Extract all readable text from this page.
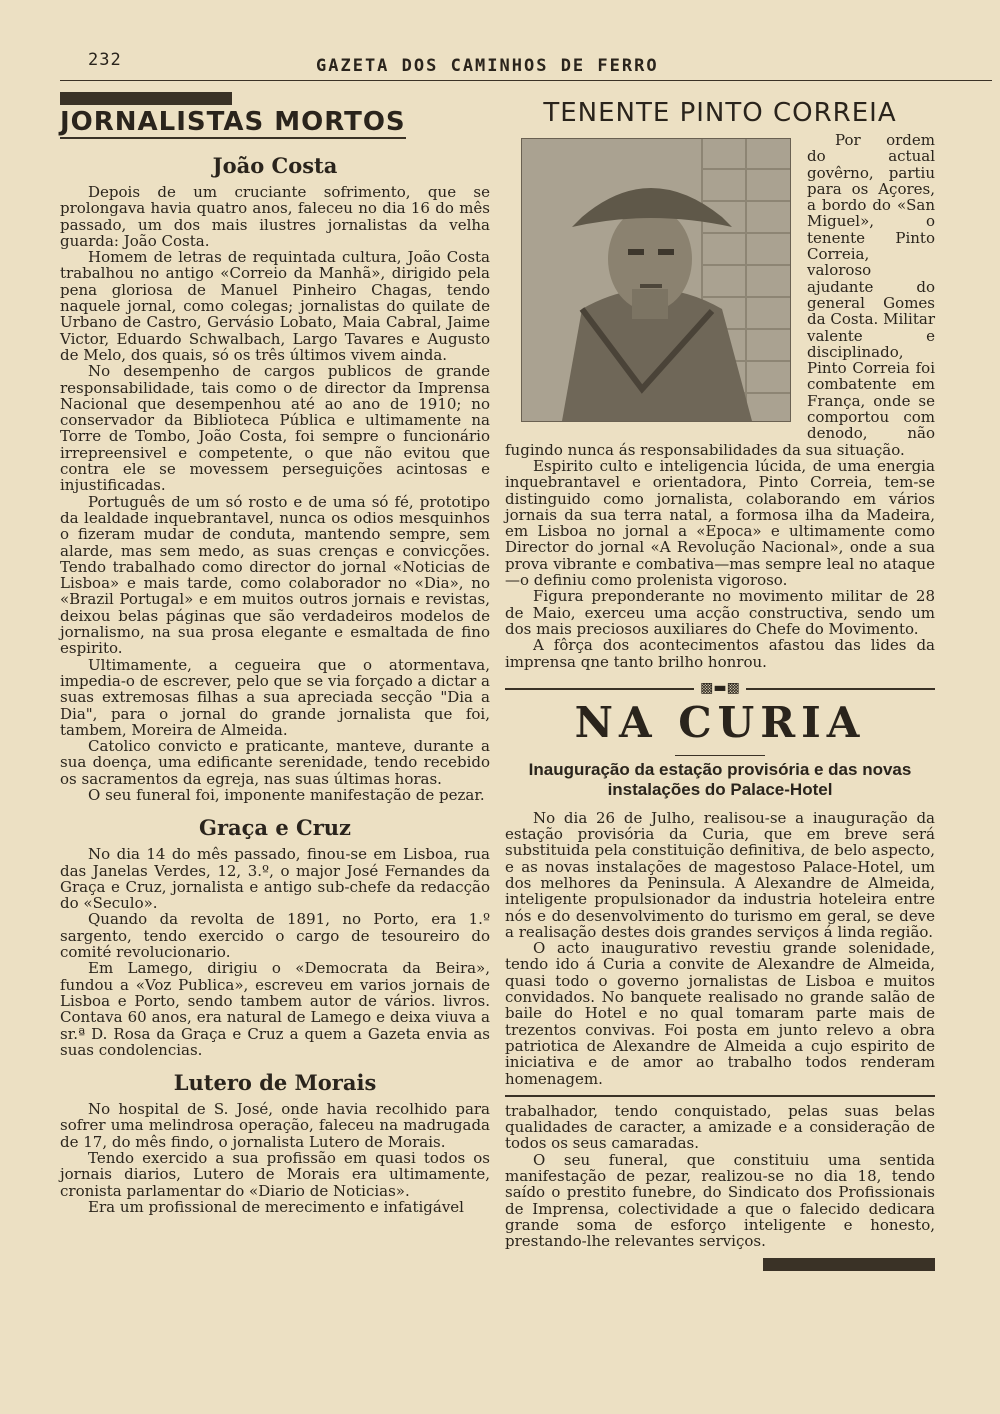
232	GAZETA DOS CAMINHOS DE FERRO
JORNALISTAS MORTOS
João Costa

Depois de um cruciante sofrimento, que se prolongava havia quatro anos, faleceu no dia 16 do mês passado, um dos mais ilustres jornalistas da velha guarda: João Costa.

Homem de letras de requintada cultura, João Costa trabalhou no antigo «Correio da Manhã», dirigido pela pena gloriosa de Manuel Pinheiro Chagas, tendo naquele jornal, como colegas; jornalistas do quilate de Urbano de Castro, Gervásio Lobato, Maia Cabral, Jaime Victor, Eduardo Schwalbach, Largo Tavares e Augusto de Melo, dos quais, só os três últimos vivem ainda.

No desempenho de cargos publicos de grande responsabilidade, tais como o de director da Imprensa Nacional que desempenhou até ao ano de 1910; no conservador da Biblioteca Pública e ultimamente na Torre de Tombo, João Costa, foi sempre o funcionário irrepreensivel e competente, o que não evitou que contra ele se movessem perseguições acintosas e injustificadas.

Português de um só rosto e de uma só fé, prototipo da lealdade inquebrantavel, nunca os odios mesquinhos o fizeram mudar de conduta, mantendo sempre, sem alarde, mas sem medo, as suas crenças e convicções. Tendo trabalhado como director do jornal «Noticias de Lisboa» e mais tarde, como colaborador no «Dia», no «Brazil Portugal» e em muitos outros jornais e revistas, deixou belas páginas que são verdadeiros modelos de jornalismo, na sua prosa elegante e esmaltada de fino espirito.

Ultimamente, a cegueira que o atormentava, impedia-o de escrever, pelo que se via forçado a dictar a suas extremosas filhas a sua apreciada secção "Dia a Dia", para o jornal do grande jornalista que foi, tambem, Moreira de Almeida.

Catolico convicto e praticante, manteve, durante a sua doença, uma edificante serenidade, tendo recebido os sacramentos da egreja, nas suas últimas horas.

O seu funeral foi, imponente manifestação de pezar.

Graça e Cruz

No dia 14 do mês passado, finou-se em Lisboa, rua das Janelas Verdes, 12, 3.º, o major José Fernandes da Graça e Cruz, jornalista e antigo sub-chefe da redacção do «Seculo».

Quando da revolta de 1891, no Porto, era 1.º sargento, tendo exercido o cargo de tesoureiro do comité revolucionario.

Em Lamego, dirigiu o «Democrata da Beira», fundou a «Voz Publica», escreveu em varios jornais de Lisboa e Porto, sendo tambem autor de vários. livros. Contava 60 anos, era natural de Lamego e deixa viuva a sr.ª D. Rosa da Graça e Cruz a quem a Gazeta envia as suas condolencias.

Lutero de Morais

No hospital de S. José, onde havia recolhido para sofrer uma melindrosa operação, faleceu na madrugada de 17, do mês findo, o jornalista Lutero de Morais.

Tendo exercido a sua profissão em quasi todos os jornais diarios, Lutero de Morais era ultimamente, cronista parlamentar do «Diario de Noticias».

Era um profissional de merecimento e infatigável

TENENTE PINTO CORREIA

Por ordem do actual govêrno, partiu para os Açores, a bordo do «San Miguel», o tenente Pinto Correia, valoroso ajudante do general Gomes da Costa. Militar valente e disciplinado, Pinto Correia foi combatente em França, onde se comportou com denodo, não fugindo nunca ás responsabilidades da sua situação.

Espirito culto e inteligencia lúcida, de uma energia inquebrantavel e orientadora, Pinto Correia, tem-se distinguido como jornalista, colaborando em vários jornais da sua terra natal, a formosa ilha da Madeira, em Lisboa no jornal a «Epoca» e ultimamente como Director do jornal «A Revolução Nacional», onde a sua prova vibrante e combativa—mas sempre leal no ataque—o definiu como prolenista vigoroso.

Figura preponderante no movimento militar de 28 de Maio, exerceu uma acção constructiva, sendo um dos mais preciosos auxiliares do Chefe do Movimento.

A fôrça dos acontecimentos afastou das lides da imprensa qne tanto brilho honrou.

▩▬▩
NA CURIA
Inauguração da estação provisória e das novas instalações do Palace-Hotel

No dia 26 de Julho, realisou-se a inauguração da estação provisória da Curia, que em breve será substituida pela constituição definitiva, de belo aspecto, e as novas instalações de magestoso Palace-Hotel, um dos melhores da Peninsula. A Alexandre de Almeida, inteligente propulsionador da industria hoteleira entre nós e do desenvolvimento do turismo em geral, se deve a realisação destes dois grandes serviços á linda região.

O acto inaugurativo revestiu grande solenidade, tendo ido á Curia a convite de Alexandre de Almeida, quasi todo o governo jornalistas de Lisboa e muitos convidados. No banquete realisado no grande salão de baile do Hotel e no qual tomaram parte mais de trezentos convivas. Foi posta em junto relevo a obra patriotica de Alexandre de Almeida a cujo espirito de iniciativa e de amor ao trabalho todos renderam homenagem.

trabalhador, tendo conquistado, pelas suas belas qualidades de caracter, a amizade e a consideração de todos os seus camaradas.

O seu funeral, que constituiu uma sentida manifestação de pezar, realizou-se no dia 18, tendo saído o prestito funebre, do Sindicato dos Profissionais de Imprensa, colectividade a que o falecido dedicara grande soma de esforço inteligente e honesto, prestando-lhe relevantes serviços.
